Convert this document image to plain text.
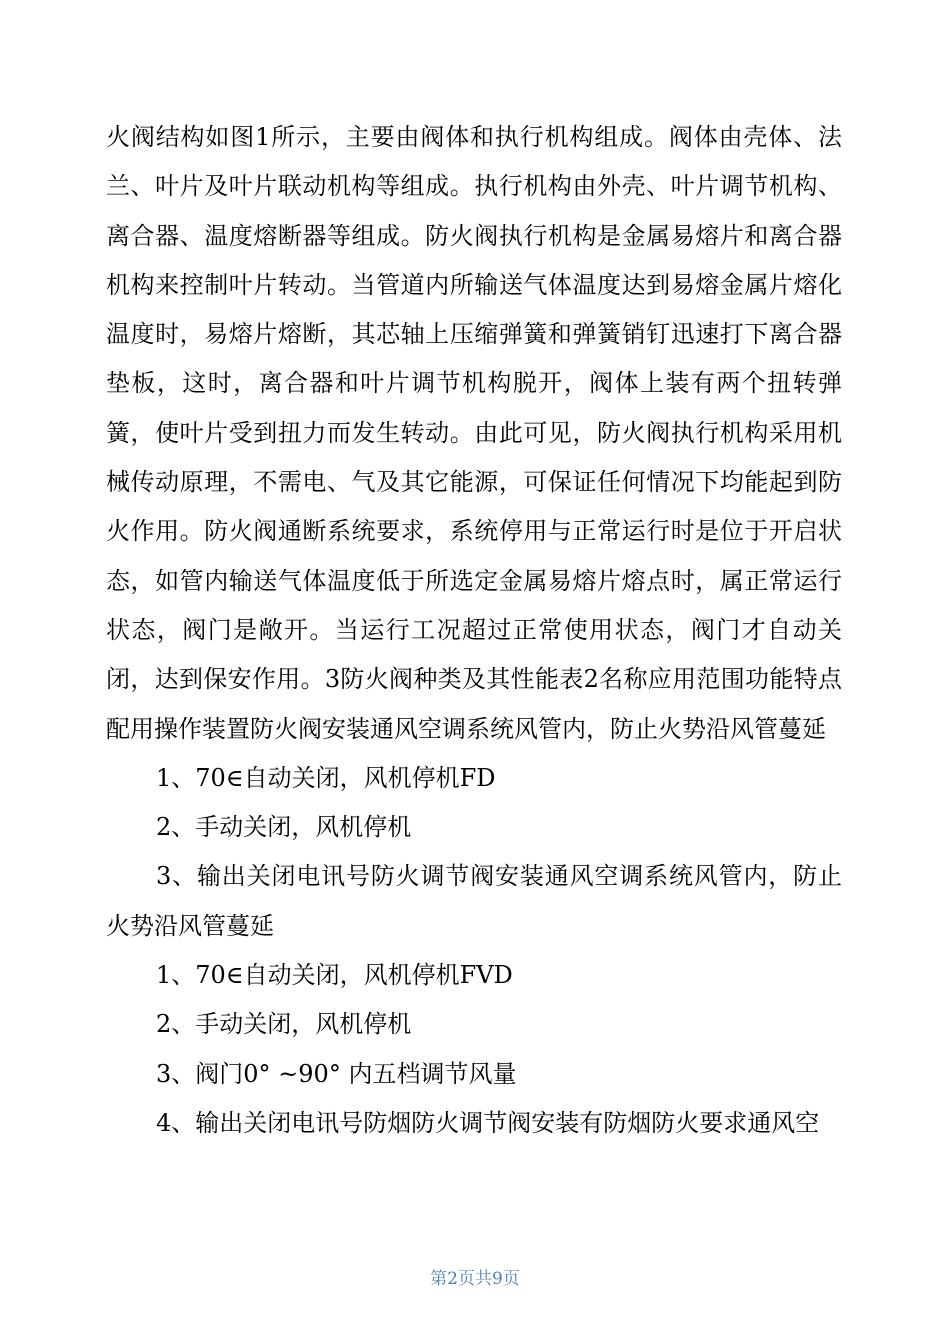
火阀结构如图1所示，主要由阀体和执行机构组成。阀体由壳体、法兰、叶片及叶片联动机构等组成。执行机构由外壳、叶片调节机构、离合器、温度熔断器等组成。防火阀执行机构是金属易熔片和离合器机构来控制叶片转动。当管道内所输送气体温度达到易熔金属片熔化温度时，易熔片熔断，其芯轴上压缩弹簧和弹簧销钉迅速打下离合器垫板，这时，离合器和叶片调节机构脱开，阀体上装有两个扭转弹簧，使叶片受到扭力而发生转动。由此可见，防火阀执行机构采用机械传动原理，不需电、气及其它能源，可保证任何情况下均能起到防火作用。防火阀通断系统要求，系统停用与正常运行时是位于开启状态，如管内输送气体温度低于所选定金属易熔片熔点时，属正常运行状态，阀门是敞开。当运行工况超过正常使用状态，阀门才自动关闭，达到保安作用。3防火阀种类及其性能表2名称应用范围功能特点配用操作装置防火阀安装通风空调系统风管内，防止火势沿风管蔓延

1、70∈自动关闭，风机停机FD

2、手动关闭，风机停机

3、输出关闭电讯号防火调节阀安装通风空调系统风管内，防止火势沿风管蔓延

1、70∈自动关闭，风机停机FVD

2、手动关闭，风机停机

3、阀门0° ~90° 内五档调节风量

4、输出关闭电讯号防烟防火调节阀安装有防烟防火要求通风空

第2页共9页
